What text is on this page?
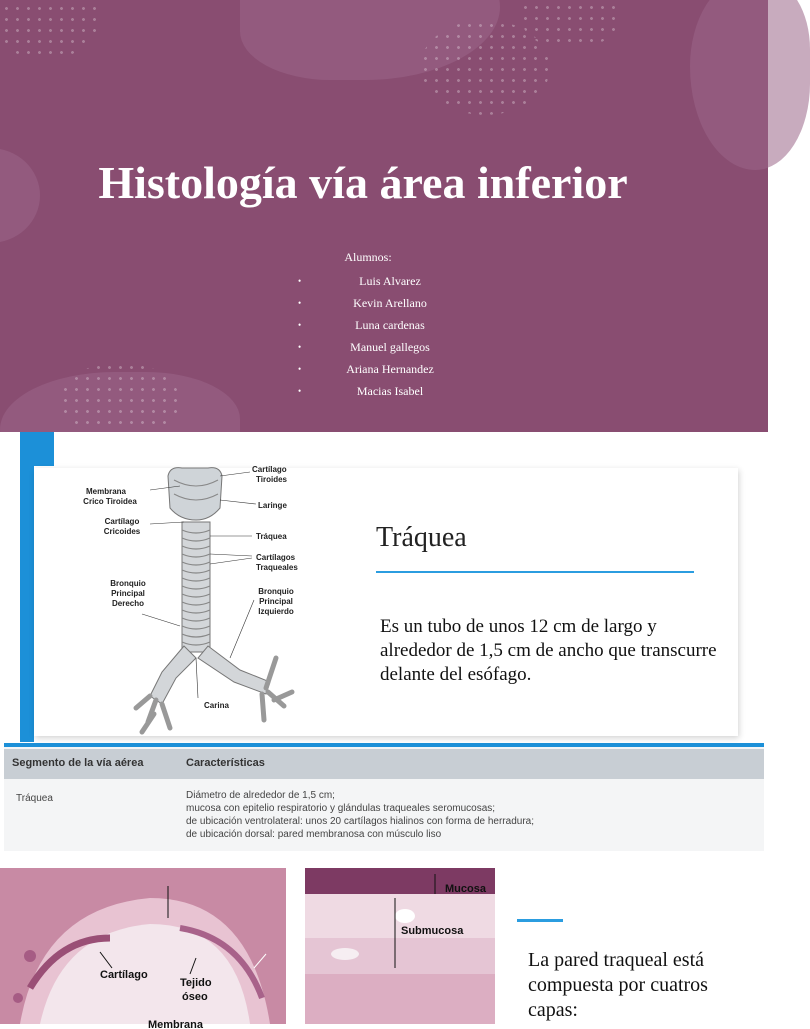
Histología vía área inferior
Alumnos:
•	Luis Alvarez
•	Kevin Arellano
•	Luna cardenas
•	Manuel gallegos
•	Ariana Hernandez
•	Macias Isabel
Cartílago
Tiroides
Membrana
Crico Tiroidea	Laringe
Cartílago
Cricoides
Tráquea
Cartílagos
Traqueales
Bronquio
Principal
Derecho
Bronquio
Principal
Izquierdo
Carina
Tráquea

Es un tubo de unos 12 cm de largo y alrededor de 1,5 cm de ancho que transcurre delante del esófago.

Segmento de la vía aérea	Características
Tráquea	Diámetro de alrededor de 1,5 cm;
mucosa con epitelio respiratorio y glándulas traqueales seromucosas;
de ubicación ventrolateral: unos 20 cartílagos hialinos con forma de herradura;
de ubicación dorsal: pared membranosa con músculo liso
Cartílago
Tejido
óseo
Membrana
Mucosa
Submucosa

La pared traqueal está compuesta por cuatros capas:
